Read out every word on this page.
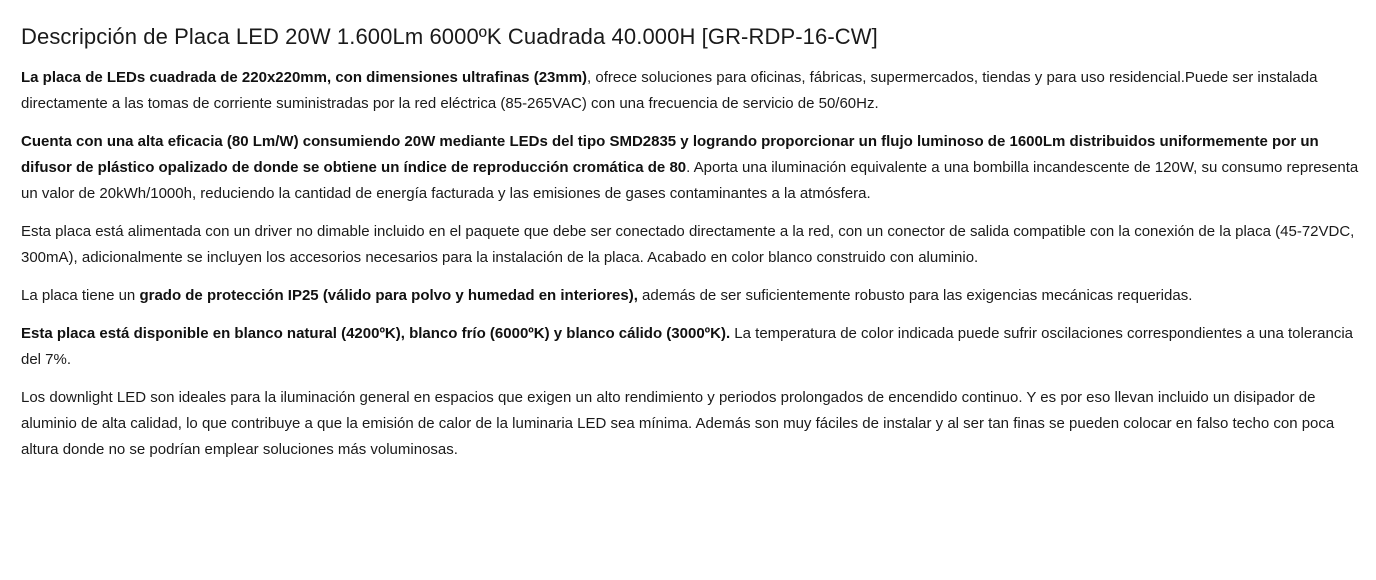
Descripción de Placa LED 20W 1.600Lm 6000ºK Cuadrada 40.000H [GR-RDP-16-CW]

La placa de LEDs cuadrada de 220x220mm, con dimensiones ultrafinas (23mm), ofrece soluciones para oficinas, fábricas, supermercados, tiendas y para uso residencial.Puede ser instalada directamente a las tomas de corriente suministradas por la red eléctrica (85-265VAC) con una frecuencia de servicio de 50/60Hz.

Cuenta con una alta eficacia (80 Lm/W) consumiendo 20W mediante LEDs del tipo SMD2835 y logrando proporcionar un flujo luminoso de 1600Lm distribuidos uniformemente por un difusor de plástico opalizado de donde se obtiene un índice de reproducción cromática de 80. Aporta una iluminación equivalente a una bombilla incandescente de 120W, su consumo representa un valor de 20kWh/1000h, reduciendo la cantidad de energía facturada y las emisiones de gases contaminantes a la atmósfera.

Esta placa está alimentada con un driver no dimable incluido en el paquete que debe ser conectado directamente a la red, con un conector de salida compatible con la conexión de la placa (45-72VDC, 300mA), adicionalmente se incluyen los accesorios necesarios para la instalación de la placa. Acabado en color blanco construido con aluminio.

La placa tiene un grado de protección IP25 (válido para polvo y humedad en interiores), además de ser suficientemente robusto para las exigencias mecánicas requeridas.

Esta placa está disponible en blanco natural (4200ºK), blanco frío (6000ºK) y blanco cálido (3000ºK). La temperatura de color indicada puede sufrir oscilaciones correspondientes a una tolerancia del 7%.

Los downlight LED son ideales para la iluminación general en espacios que exigen un alto rendimiento y periodos prolongados de encendido continuo. Y es por eso llevan incluido un disipador de aluminio de alta calidad, lo que contribuye a que la emisión de calor de la luminaria LED sea mínima. Además son muy fáciles de instalar y al ser tan finas se pueden colocar en falso techo con poca altura donde no se podrían emplear soluciones más voluminosas.
